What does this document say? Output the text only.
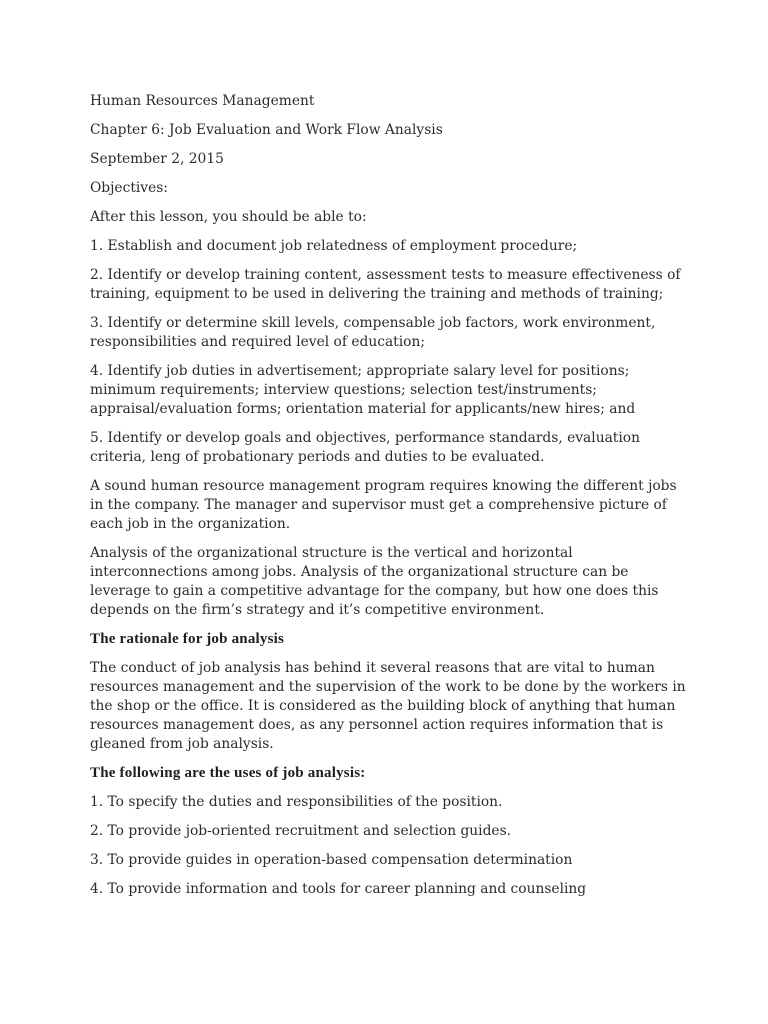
Human Resources Management

Chapter 6: Job Evaluation and Work Flow Analysis

September 2, 2015

Objectives:

After this lesson, you should be able to:

1. Establish and document job relatedness of employment procedure;

2. Identify or develop training content, assessment tests to measure effectiveness of training, equipment to be used in delivering the training and methods of training;

3. Identify or determine skill levels, compensable job factors, work environment, responsibilities and required level of education;

4. Identify job duties in advertisement; appropriate salary level for positions; minimum requirements; interview questions; selection test/instruments; appraisal/evaluation forms; orientation material for applicants/new hires; and

5. Identify or develop goals and objectives, performance standards, evaluation criteria, leng of probationary periods and duties to be evaluated.

A sound human resource management program requires knowing the different jobs in the company. The manager and supervisor must get a comprehensive picture of each job in the organization.

Analysis of the organizational structure is the vertical and horizontal interconnections among jobs. Analysis of the organizational structure can be leverage to gain a competitive advantage for the company, but how one does this depends on the firm’s strategy and it’s competitive environment.

The rationale for job analysis

The conduct of job analysis has behind it several reasons that are vital to human resources management and the supervision of the work to be done by the workers in the shop or the office. It is considered as the building block of anything that human resources management does, as any personnel action requires information that is gleaned from job analysis.

The following are the uses of job analysis:

1. To specify the duties and responsibilities of the position.

2. To provide job-oriented recruitment and selection guides.

3. To provide guides in operation-based compensation determination

4. To provide information and tools for career planning and counseling
